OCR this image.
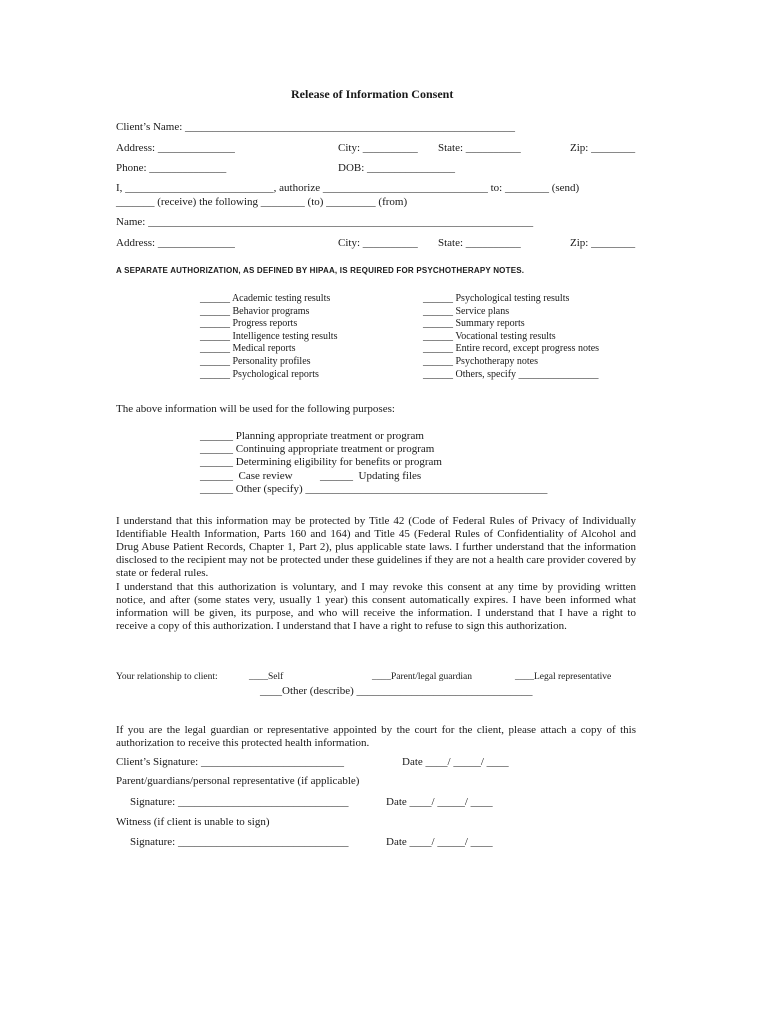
Release of Information Consent
Client’s Name: ____________________________________________________________
Address: ______________	City: __________ State: __________	Zip: ________
Phone: ______________	DOB: ________________
I, ___________________________, authorize ______________________________ to: ________ (send)
_______ (receive) the following ________ (to) _________ (from)
Name: ______________________________________________________________________
Address: ______________	City: __________ State: __________	Zip: ________
A SEPARATE AUTHORIZATION, AS DEFINED BY HIPAA, IS REQUIRED FOR PSYCHOTHERAPY NOTES.
______ Academic testing results
______ Behavior programs
______ Progress reports
______ Intelligence testing results
______ Medical reports
______ Personality profiles
______ Psychological reports
______ Psychological testing results
______ Service plans
______ Summary reports
______ Vocational testing results
______ Entire record, except progress notes
______ Psychotherapy notes
______ Others, specify ________________
The above information will be used for the following purposes:
______ Planning appropriate treatment or program
______ Continuing appropriate treatment or program
______ Determining eligibility for benefits or program
______  Case review          ______  Updating files
______ Other (specify) ____________________________________________
I understand that this information may be protected by Title 42 (Code of Federal Rules of Privacy of Individually Identifiable Health Information, Parts 160 and 164) and Title 45 (Federal Rules of Confidentiality of Alcohol and Drug Abuse Patient Records, Chapter 1, Part 2), plus applicable state laws. I further understand that the information disclosed to the recipient may not be protected under these guidelines if they are not a health care provider covered by state or federal rules.
I understand that this authorization is voluntary, and I may revoke this consent at any time by providing written notice, and after (some states very, usually 1 year) this consent automatically expires. I have been informed what information will be given, its purpose, and who will receive the information. I understand that I have a right to receive a copy of this authorization. I understand that I have a right to refuse to sign this authorization.
Your relationship to client:	____Self	____Parent/legal guardian	____Legal representative
____Other (describe) ________________________________
If you are the legal guardian or representative appointed by the court for the client, please attach a copy of this authorization to receive this protected health information.
Client’s Signature: __________________________	Date ____/ _____/ ____
Parent/guardians/personal representative (if applicable)
Signature: _______________________________	Date ____/ _____/ ____
Witness (if client is unable to sign)
Signature: _______________________________	Date ____/ _____/ ____
